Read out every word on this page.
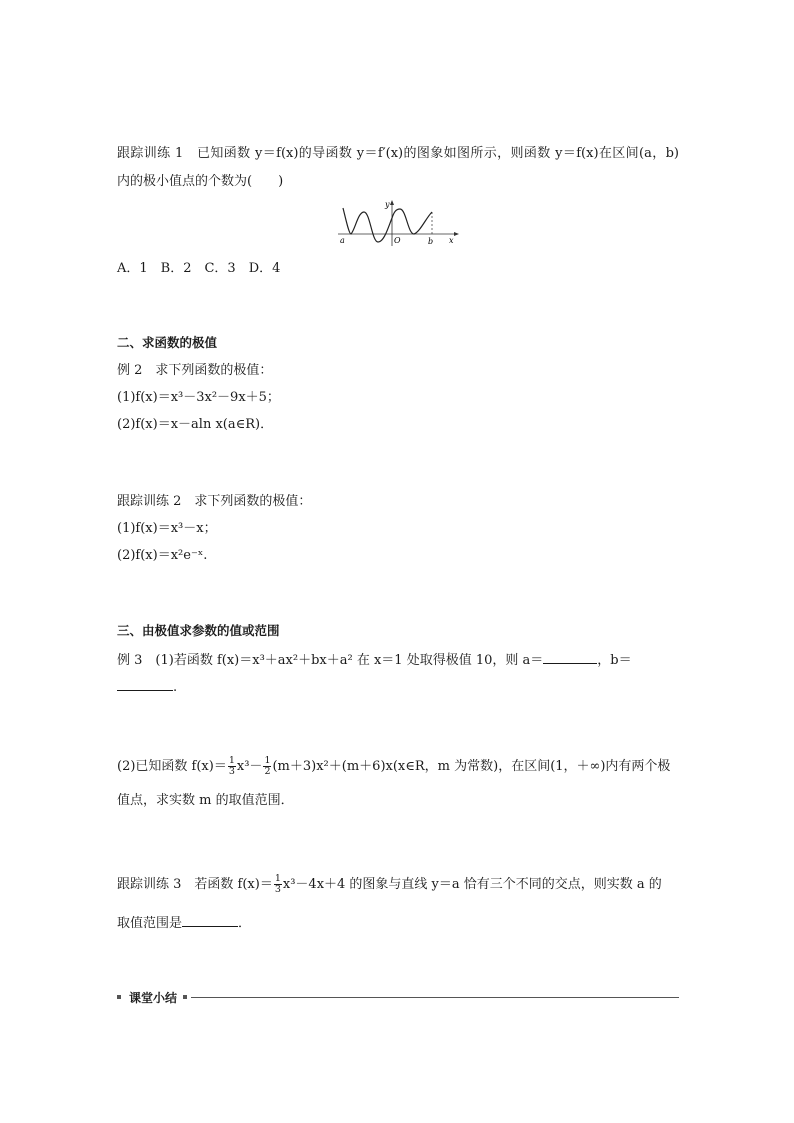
跟踪训练 1　已知函数 y＝f(x)的导函数 y＝f′(x)的图象如图所示，则函数 y＝f(x)在区间(a，b)
内的极小值点的个数为(　　)
a	O	b x
y
A．1　B．2　C．3　D．4
二、求函数的极值
例 2　求下列函数的极值：
(1)f(x)＝x³－3x²－9x＋5；
(2)f(x)＝x－aln x(a∈R)．
跟踪训练 2　求下列函数的极值：
(1)f(x)＝x³－x；
(2)f(x)＝x²e⁻ˣ.
三、由极值求参数的值或范围
例 3　(1)若函数 f(x)＝x³＋ax²＋bx＋a² 在 x＝1 处取得极值 10，则 a＝	，b＝
.
(2)已知函数 $f(x)= \frac{1}{3} x^3- \frac{1}{2}$ (m＋3)x²＋(m＋6)x(x∈R，m 为常数)，在区间(1，＋∞)内有两个极
值点，求实数 m 的取值范围．
跟踪训练 3　若函数 $f(x)= \frac{1}{3} x^3-4x+4$ 的图象与直线 y＝a 恰有三个不同的交点，则实数 a 的
取值范围是	．
课堂小结
